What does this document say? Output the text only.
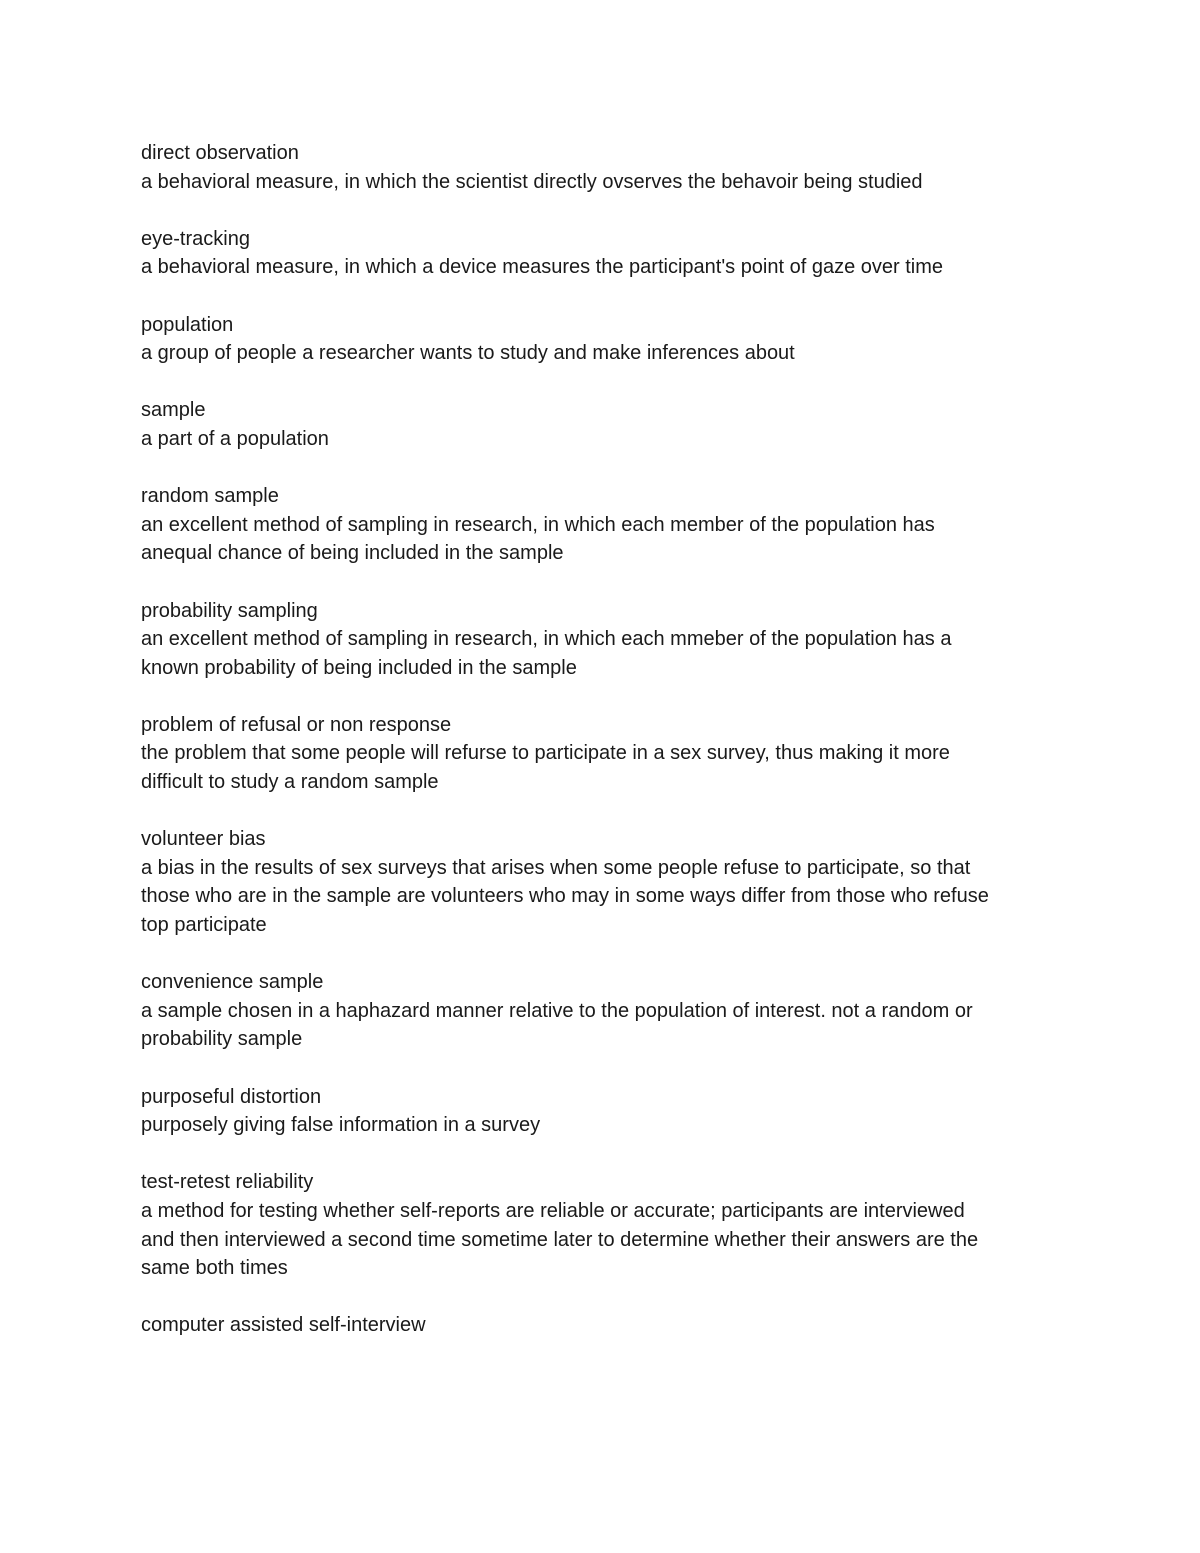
direct observation
a behavioral measure, in which the scientist directly ovserves the behavoir being studied
eye-tracking
a behavioral measure, in which a device measures the participant's point of gaze over time
population
a group of people a researcher wants to study and make inferences about
sample
a part of a population
random sample
an excellent method of sampling in research, in which each member of the population has
anequal chance of being included in the sample
probability sampling
an excellent method of sampling in research, in which each mmeber of the population has a
known probability of being included in the sample
problem of refusal or non response
the problem that some people will refurse to participate in a sex survey, thus making it more
difficult to study a random sample
volunteer bias
a bias in the results of sex surveys that arises when some people refuse to participate, so that
those who are in the sample are volunteers who may in some ways differ from those who refuse
top participate
convenience sample
a sample chosen in a haphazard manner relative to the population of interest. not a random or
probability sample
purposeful distortion
purposely giving false information in a survey
test-retest reliability
a method for testing whether self-reports are reliable or accurate; participants are interviewed
and then interviewed a second time sometime later to determine whether their answers are the
same both times
computer assisted self-interview
